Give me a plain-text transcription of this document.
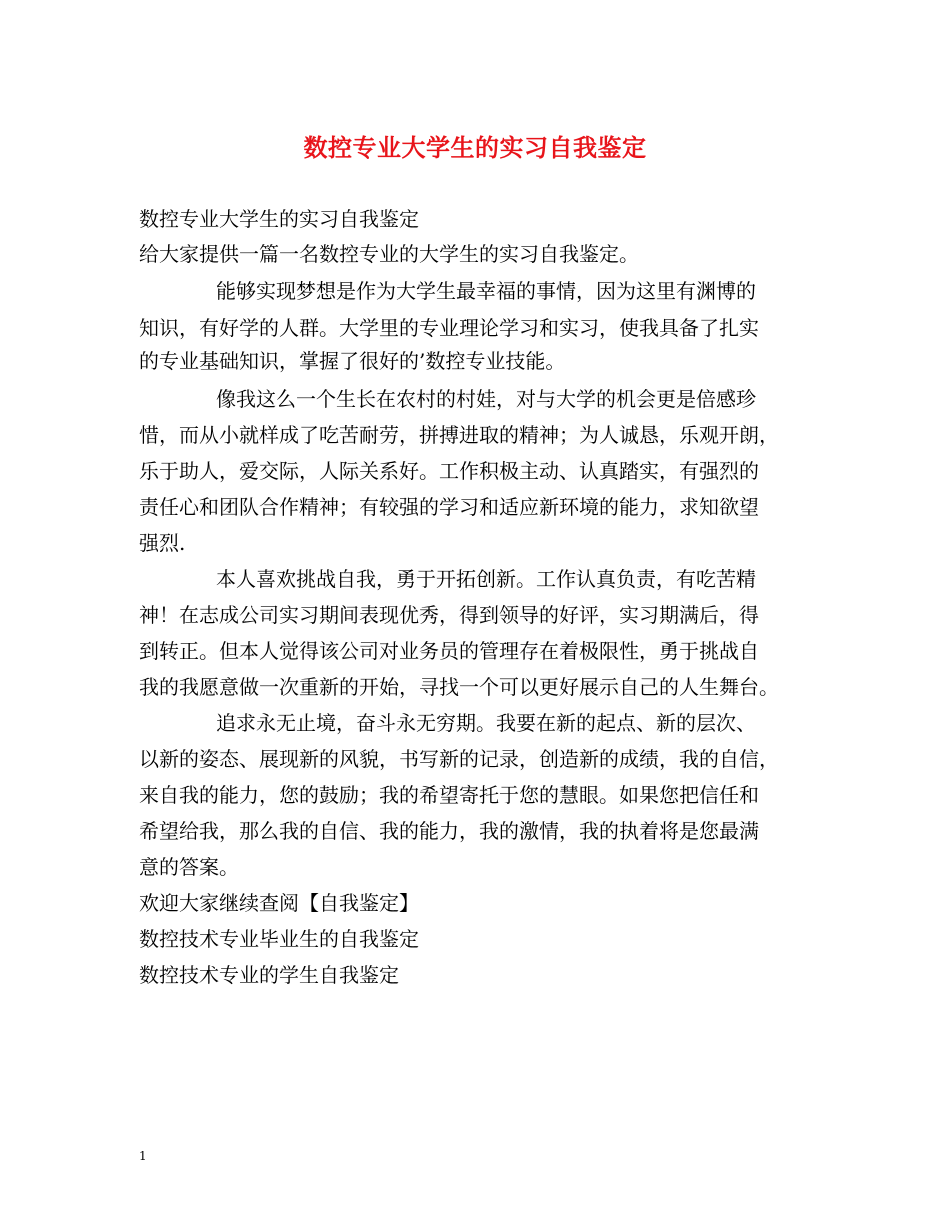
数控专业大学生的实习自我鉴定
数控专业大学生的实习自我鉴定
给大家提供一篇一名数控专业的大学生的实习自我鉴定。
能够实现梦想是作为大学生最幸福的事情，因为这里有渊博的
知识，有好学的人群。大学里的专业理论学习和实习，使我具备了扎实
的专业基础知识，掌握了很好的’数控专业技能。
像我这么一个生长在农村的村娃，对与大学的机会更是倍感珍
惜，而从小就样成了吃苦耐劳，拼搏进取的精神；为人诚恳，乐观开朗，
乐于助人，爱交际，人际关系好。工作积极主动、认真踏实，有强烈的
责任心和团队合作精神；有较强的学习和适应新环境的能力，求知欲望
强烈.
本人喜欢挑战自我，勇于开拓创新。工作认真负责，有吃苦精
神！在志成公司实习期间表现优秀，得到领导的好评，实习期满后，得
到转正。但本人觉得该公司对业务员的管理存在着极限性，勇于挑战自
我的我愿意做一次重新的开始，寻找一个可以更好展示自己的人生舞台。
追求永无止境，奋斗永无穷期。我要在新的起点、新的层次、
以新的姿态、展现新的风貌，书写新的记录，创造新的成绩，我的自信，
来自我的能力，您的鼓励；我的希望寄托于您的慧眼。如果您把信任和
希望给我，那么我的自信、我的能力，我的激情，我的执着将是您最满
意的答案。
欢迎大家继续查阅【自我鉴定】
数控技术专业毕业生的自我鉴定
数控技术专业的学生自我鉴定
1
